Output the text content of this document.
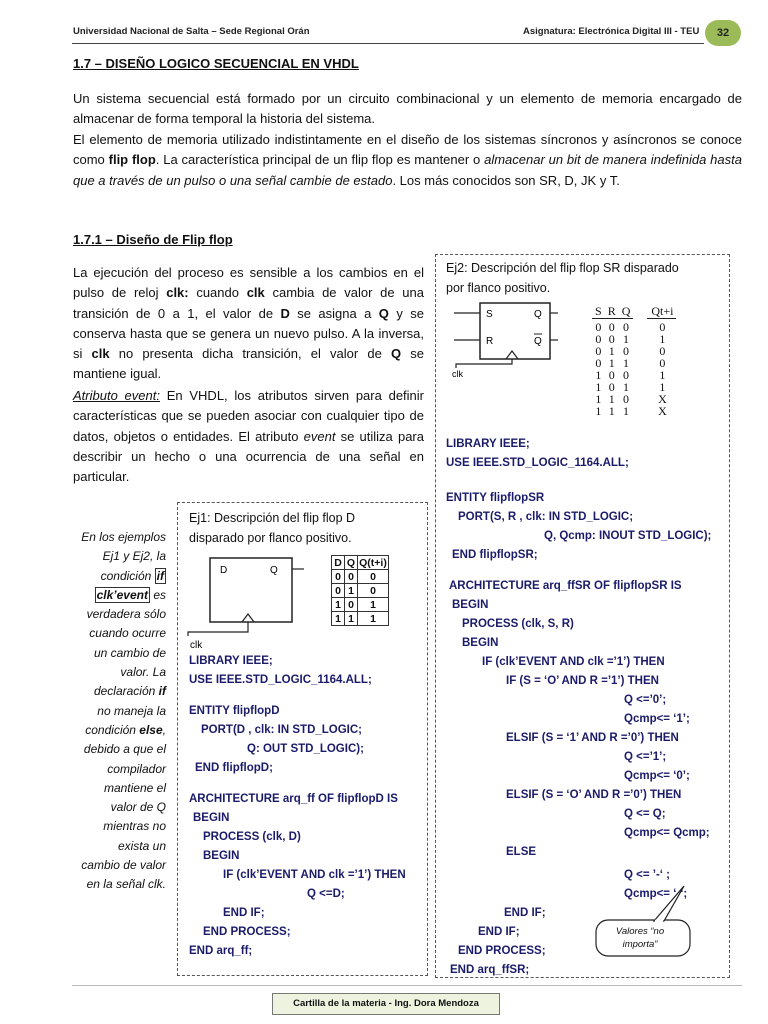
Universidad Nacional de Salta – Sede Regional Orán	Asignatura: Electrónica Digital III - TEU	32
1.7 – DISEÑO LOGICO SECUENCIAL EN VHDL
Un sistema secuencial está formado por un circuito combinacional y un elemento de memoria encargado de almacenar de forma temporal la historia del sistema.
El elemento de memoria utilizado indistintamente en el diseño de los sistemas síncronos y asíncronos se conoce como flip flop. La característica principal de un flip flop es mantener o almacenar un bit de manera indefinida hasta que a través de un pulso o una señal cambie de estado. Los más conocidos son SR, D, JK y T.
1.7.1 – Diseño de Flip flop
La ejecución del proceso es sensible a los cambios en el pulso de reloj clk: cuando clk cambia de valor de una transición de 0 a 1, el valor de D se asigna a Q y se conserva hasta que se genera un nuevo pulso. A la inversa, si clk no presenta dicha transición, el valor de Q se mantiene igual.
Atributo event: En VHDL, los atributos sirven para definir características que se pueden asociar con cualquier tipo de datos, objetos o entidades. El atributo event se utiliza para describir un hecho o una ocurrencia de una señal en particular.
En los ejemplos
Ej1 y Ej2, la
condición if
clk’event es
verdadera sólo
cuando ocurre
un cambio de
valor. La
declaración if
no maneja la
condición else,
debido a que el
compilador
mantiene el
valor de Q
mientras no
exista un
cambio de valor
en la señal clk.
Ej1: Descripción del flip flop D
disparado por flanco positivo.
D	Q
clk
D	Q	Q(t+i)
0	0	0
0	1	0
1	0	1
1	1	1
LIBRARY IEEE;
USE IEEE.STD_LOGIC_1164.ALL;
ENTITY flipflopD
PORT(D , clk: IN STD_LOGIC;
Q: OUT STD_LOGIC);
END flipflopD;
ARCHITECTURE arq_ff OF flipflopD IS
BEGIN
PROCESS (clk, D)
BEGIN
IF (clk’EVENT AND clk =’1’) THEN
Q <=D;
END IF;
END PROCESS;
END arq_ff;
Ej2: Descripción del flip flop SR disparado
por flanco positivo.
S
R
Q
Q
clk
S	R	Q	Qt+i

0	0	0	0
0	0	1	1
0	1	0	0
0	1	1	0
1	0	0	1
1	0	1	1
1	1	0	X
1	1	1	X
LIBRARY IEEE;
USE IEEE.STD_LOGIC_1164.ALL;
ENTITY flipflopSR
PORT(S, R , clk: IN STD_LOGIC;
Q, Qcmp: INOUT STD_LOGIC);
END flipflopSR;
ARCHITECTURE arq_ffSR OF flipflopSR IS
BEGIN
PROCESS (clk, S, R)
BEGIN
IF (clk’EVENT AND clk =’1’) THEN
IF (S = ‘O’ AND R =’1’) THEN
Q <=’0’;
Qcmp<= ‘1’;
ELSIF (S = ‘1’ AND R =’0’) THEN
Q <=’1’;
Qcmp<= ‘0’;
ELSIF (S = ‘O’ AND R =’0’) THEN
Q <= Q;
Qcmp<= Qcmp;
ELSE
Q <= ’-‘ ;
Qcmp<= ‘-‘;
END IF;
END IF;
END PROCESS;
END arq_ffSR;
Valores “no importa”
Cartilla de la materia - Ing. Dora Mendoza
